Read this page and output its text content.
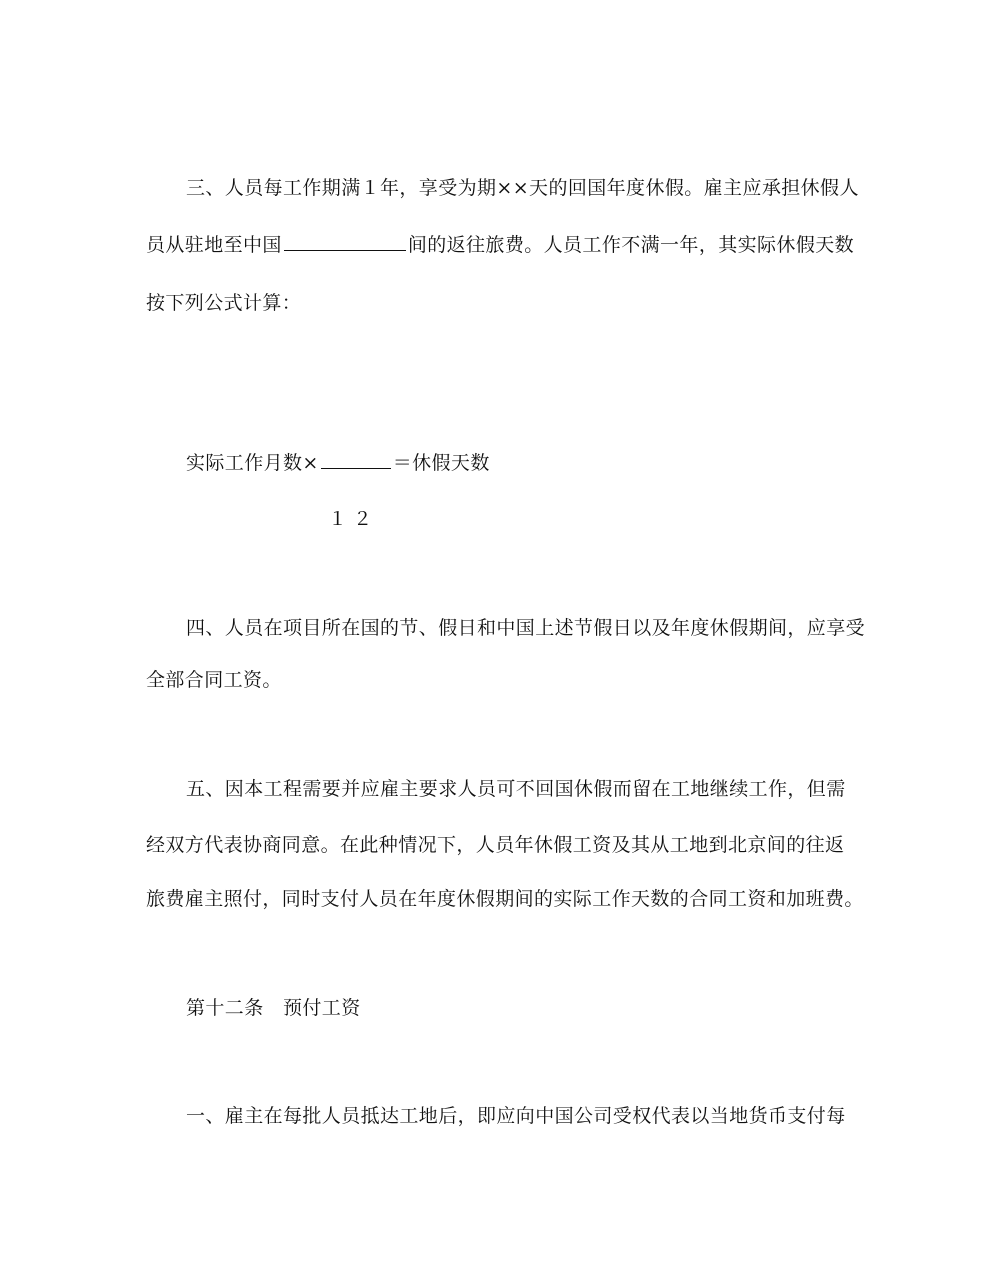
三、人员每工作期满１年，享受为期××天的回国年度休假。雇主应承担休假人
员从驻地至中国	间的返往旅费。人员工作不满一年，其实际休假天数
按下列公式计算：
实际工作月数×	＝休假天数
１２
四、人员在项目所在国的节、假日和中国上述节假日以及年度休假期间，应享受
全部合同工资。
五、因本工程需要并应雇主要求人员可不回国休假而留在工地继续工作，但需
经双方代表协商同意。在此种情况下，人员年休假工资及其从工地到北京间的往返
旅费雇主照付，同时支付人员在年度休假期间的实际工作天数的合同工资和加班费。
第十二条　预付工资
一、雇主在每批人员抵达工地后，即应向中国公司受权代表以当地货币支付每
